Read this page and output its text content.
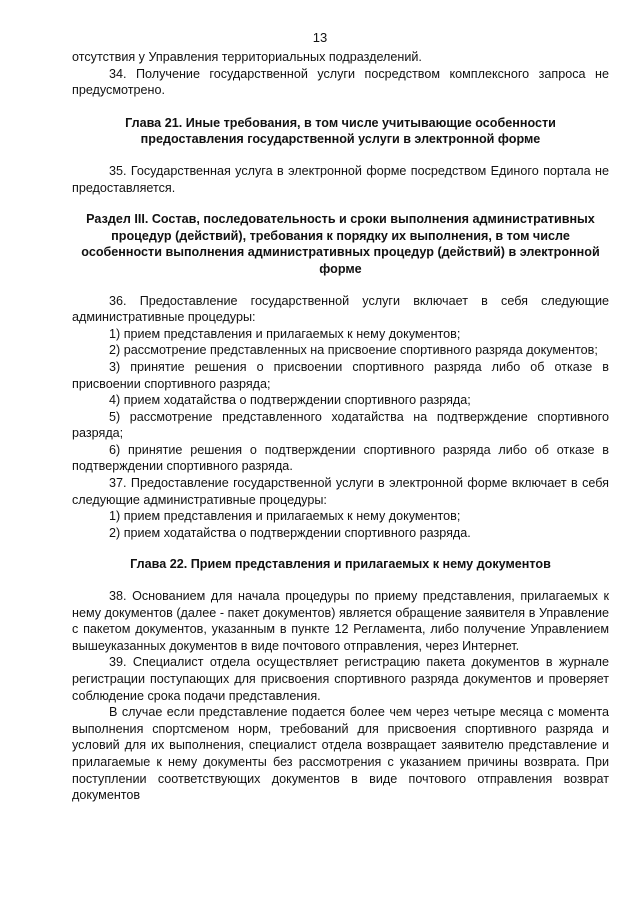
13

отсутствия у Управления территориальных подразделений.

34. Получение государственной услуги посредством комплексного запроса не предусмотрено.

Глава 21. Иные требования, в том числе учитывающие особенности предоставления государственной услуги в электронной форме

35. Государственная услуга в электронной форме посредством Единого портала не предоставляется.

Раздел III. Состав, последовательность и сроки выполнения административных процедур (действий), требования к порядку их выполнения, в том числе особенности выполнения административных процедур (действий) в электронной форме

36. Предоставление государственной услуги включает в себя следующие административные процедуры:

1) прием представления и прилагаемых к нему документов;

2) рассмотрение представленных на присвоение спортивного разряда документов;

3) принятие решения о присвоении спортивного разряда либо об отказе в присвоении спортивного разряда;

4) прием ходатайства о подтверждении спортивного разряда;

5) рассмотрение представленного ходатайства на подтверждение спортивного разряда;

6) принятие решения о подтверждении спортивного разряда либо об отказе в подтверждении спортивного разряда.

37. Предоставление государственной услуги в электронной форме включает в себя следующие административные процедуры:

1) прием представления и прилагаемых к нему документов;

2) прием ходатайства о подтверждении спортивного разряда.

Глава 22. Прием представления и прилагаемых к нему документов

38. Основанием для начала процедуры по приему представления, прилагаемых к нему документов (далее - пакет документов) является обращение заявителя в Управление с пакетом документов, указанным в пункте 12 Регламента, либо получение Управлением вышеуказанных документов в виде почтового отправления, через Интернет.

39. Специалист отдела осуществляет регистрацию пакета документов в журнале регистрации поступающих для присвоения спортивного разряда документов и проверяет соблюдение срока подачи представления.

В случае если представление подается более чем через четыре месяца с момента выполнения спортсменом норм, требований для присвоения спортивного разряда и условий для их выполнения, специалист отдела возвращает заявителю представление и прилагаемые к нему документы без рассмотрения с указанием причины возврата. При поступлении соответствующих документов в виде почтового отправления возврат документов
